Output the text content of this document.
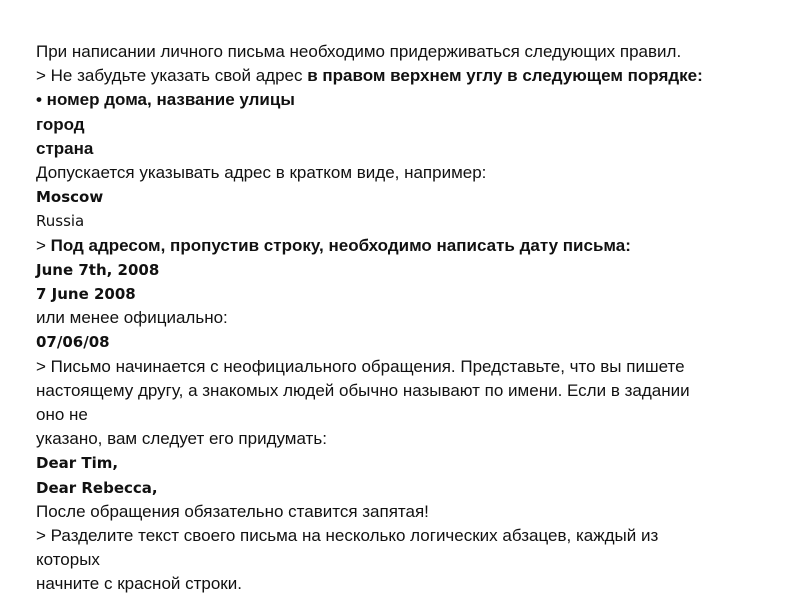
При написании личного письма необходимо придерживаться следующих правил.

> Не забудьте указать свой адрес в правом верхнем углу в следующем порядке:

• номер дома, название улицы

город

страна

Допускается указывать адрес в кратком виде, например:

Moscow

Russia

> Под адресом, пропустив строку, необходимо написать дату письма:

June 7th, 2008

7 June 2008

или менее официально:

07/06/08

> Письмо начинается с неофициального обращения. Представьте, что вы пишете

настоящему другу, а знакомых людей обычно называют по имени. Если в задании

оно не

указано, вам следует его придумать:

Dear Tim,

Dear Rebecca,

После обращения обязательно ставится запятая!

> Разделите текст своего письма на несколько логических абзацев, каждый из

которых

начните с красной строки.
